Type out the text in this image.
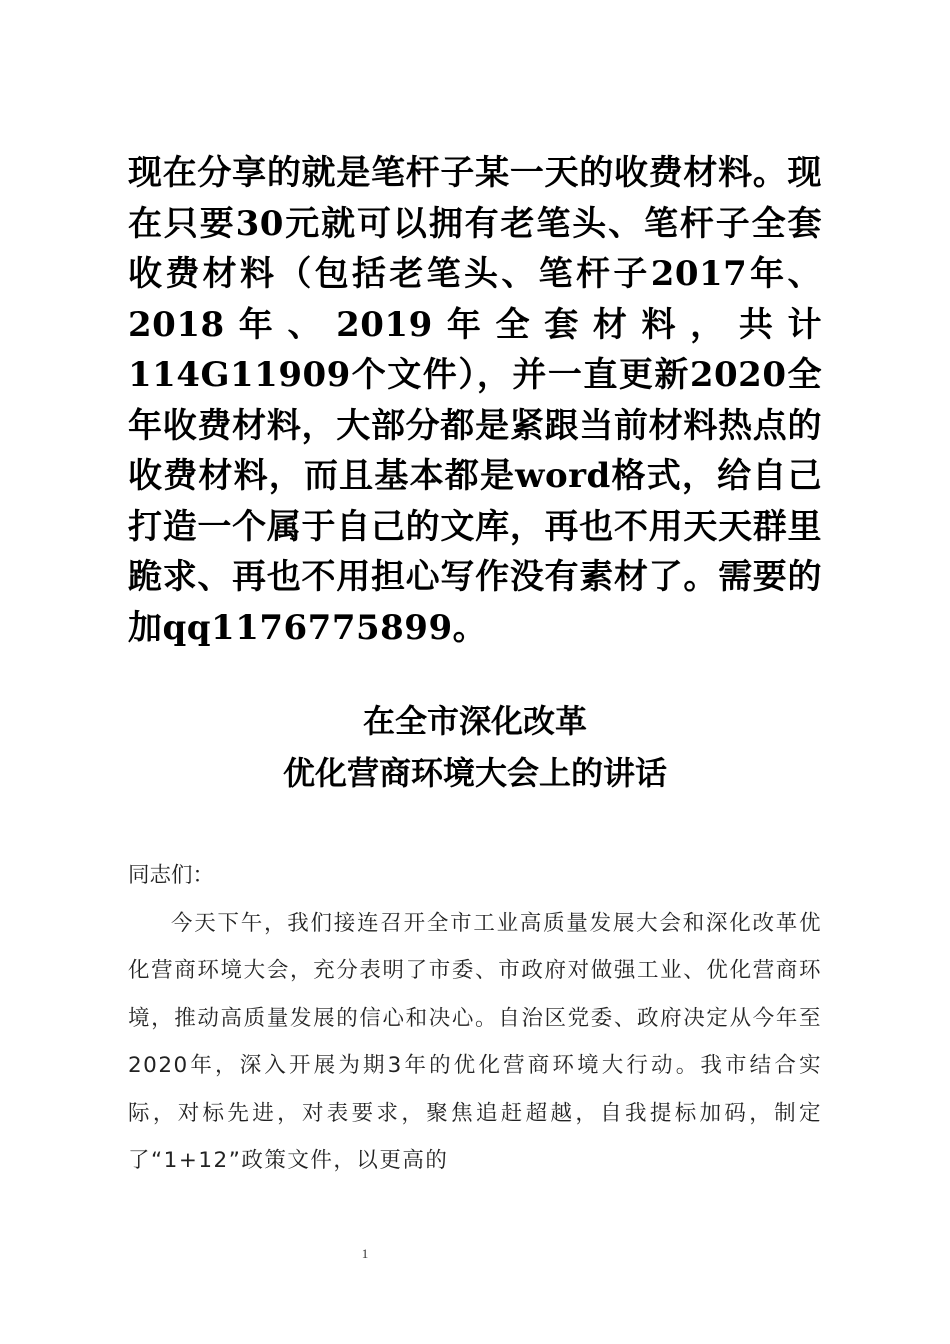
现在分享的就是笔杆子某一天的收费材料。现在只要30元就可以拥有老笔头、笔杆子全套收费材料（包括老笔头、笔杆子2017年、2018年、2019年全套材料，共计114G11909个文件），并一直更新2020全年收费材料，大部分都是紧跟当前材料热点的收费材料，而且基本都是word格式，给自己打造一个属于自己的文库，再也不用天天群里跪求、再也不用担心写作没有素材了。需要的加qq1176775899。
在全市深化改革
优化营商环境大会上的讲话
同志们：
今天下午，我们接连召开全市工业高质量发展大会和深化改革优化营商环境大会，充分表明了市委、市政府对做强工业、优化营商环境，推动高质量发展的信心和决心。自治区党委、政府决定从今年至2020年，深入开展为期3年的优化营商环境大行动。我市结合实际，对标先进，对表要求，聚焦追赶超越，自我提标加码，制定了“1+12”政策文件，以更高的
1
